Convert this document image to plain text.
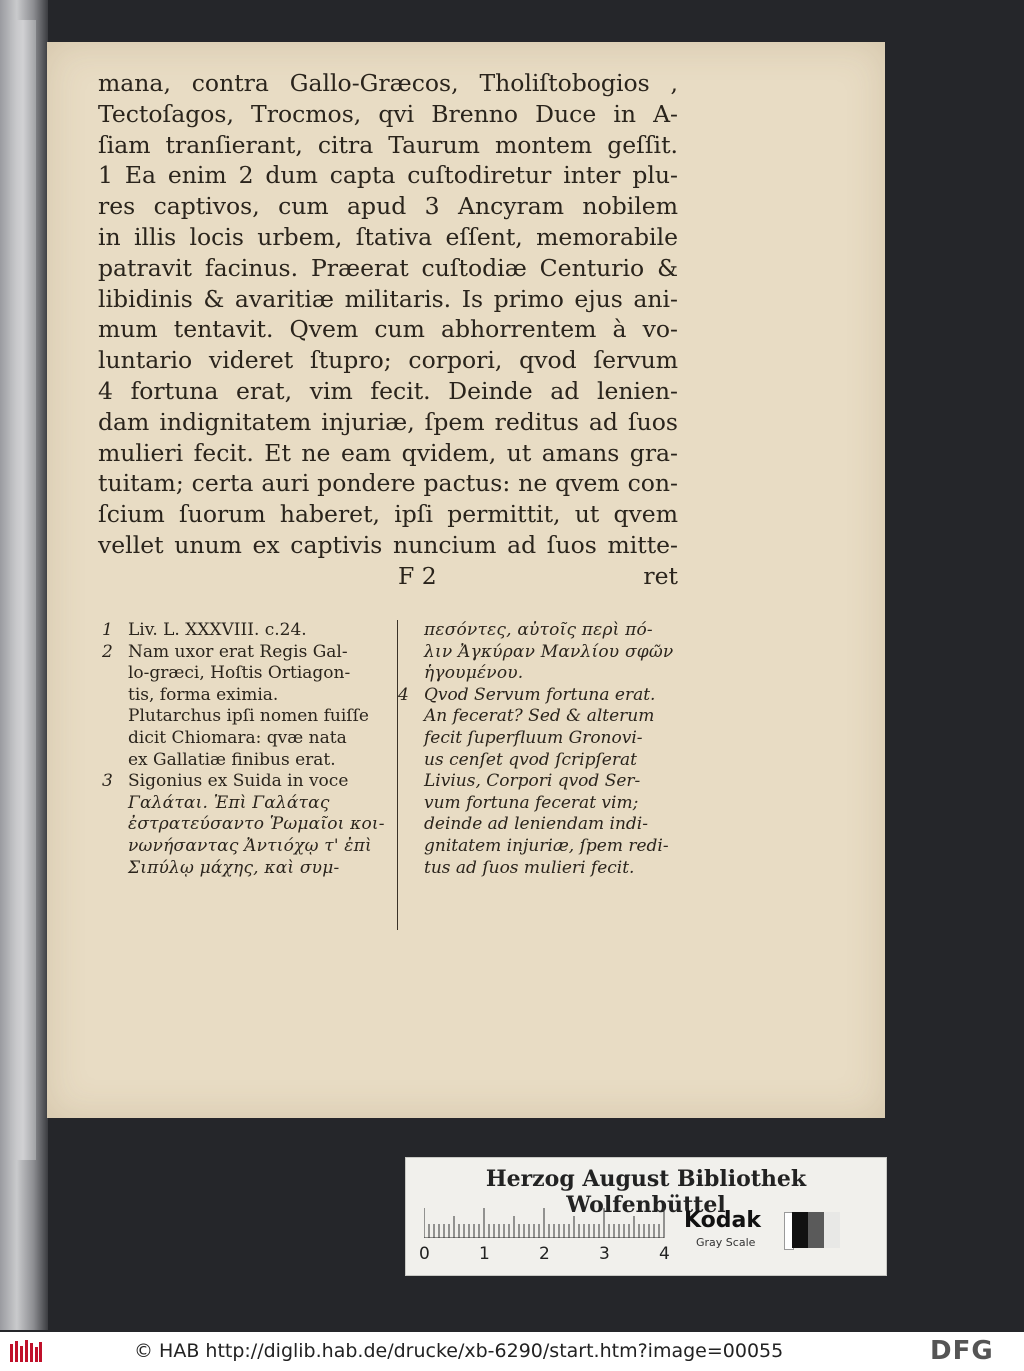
mana, contra Gallo-Græcos, Tholiſtobogios ,
Tectoſagos, Trocmos, qvi Brenno Duce in A-
ſiam tranſierant, citra Taurum montem geſſit.
1 Ea enim 2 dum capta cuſtodiretur inter plu-
res captivos, cum apud 3 Ancyram nobilem
in illis locis urbem, ſtativa eſſent, memorabile
patravit facinus. Præerat cuſtodiæ Centurio &
libidinis & avaritiæ militaris. Is primo ejus ani-
mum tentavit. Qvem cum abhorrentem à vo-
luntario videret ſtupro; corpori, qvod ſervum
4 fortuna erat, vim fecit. Deinde ad lenien-
dam indignitatem injuriæ, ſpem reditus ad ſuos
mulieri fecit. Et ne eam qvidem, ut amans gra-
tuitam; certa auri pondere pactus: ne qvem con-
ſcium ſuorum haberet, ipſi permittit, ut qvem
vellet unum ex captivis nuncium ad ſuos mitte-
F 2	ret
1 Liv. L. XXXVIII. c.24.
2 Nam uxor erat Regis Gal-
lo-græci, Hoſtis Ortiagon-
tis, forma eximia.
Plutarchus ipſi nomen fuiſſe
dicit Chiomara: qvæ nata
ex Gallatiæ finibus erat.
3 Sigonius ex Suida in voce
Γαλάται. Ἐπὶ Γαλάτας
ἐστρατεύσαντο Ῥωμαῖοι κοι-
νωνήσαντας Ἀντιόχῳ τ' ἐπὶ
Σιπύλῳ μάχης, καὶ συμ-
πεσόντες, αὐτοῖς περὶ πό-
λιν Ἀγκύραν Μανλίου σφῶν
ἡγουμένου.
4 Qvod Servum fortuna erat.
An fecerat? Sed & alterum
fecit ſuperfluum Gronovi-
us cenſet qvod ſcripſerat
Livius, Corpori qvod Ser-
vum fortuna fecerat vim;
deinde ad leniendam indi-
gnitatem injuriæ, ſpem redi-
tus ad ſuos mulieri fecit.
Herzog August Bibliothek Wolfenbüttel
0	1	2	3	4
Kodak
Gray Scale
© HAB http://diglib.hab.de/drucke/xb-6290/start.htm?image=00055	DFG
